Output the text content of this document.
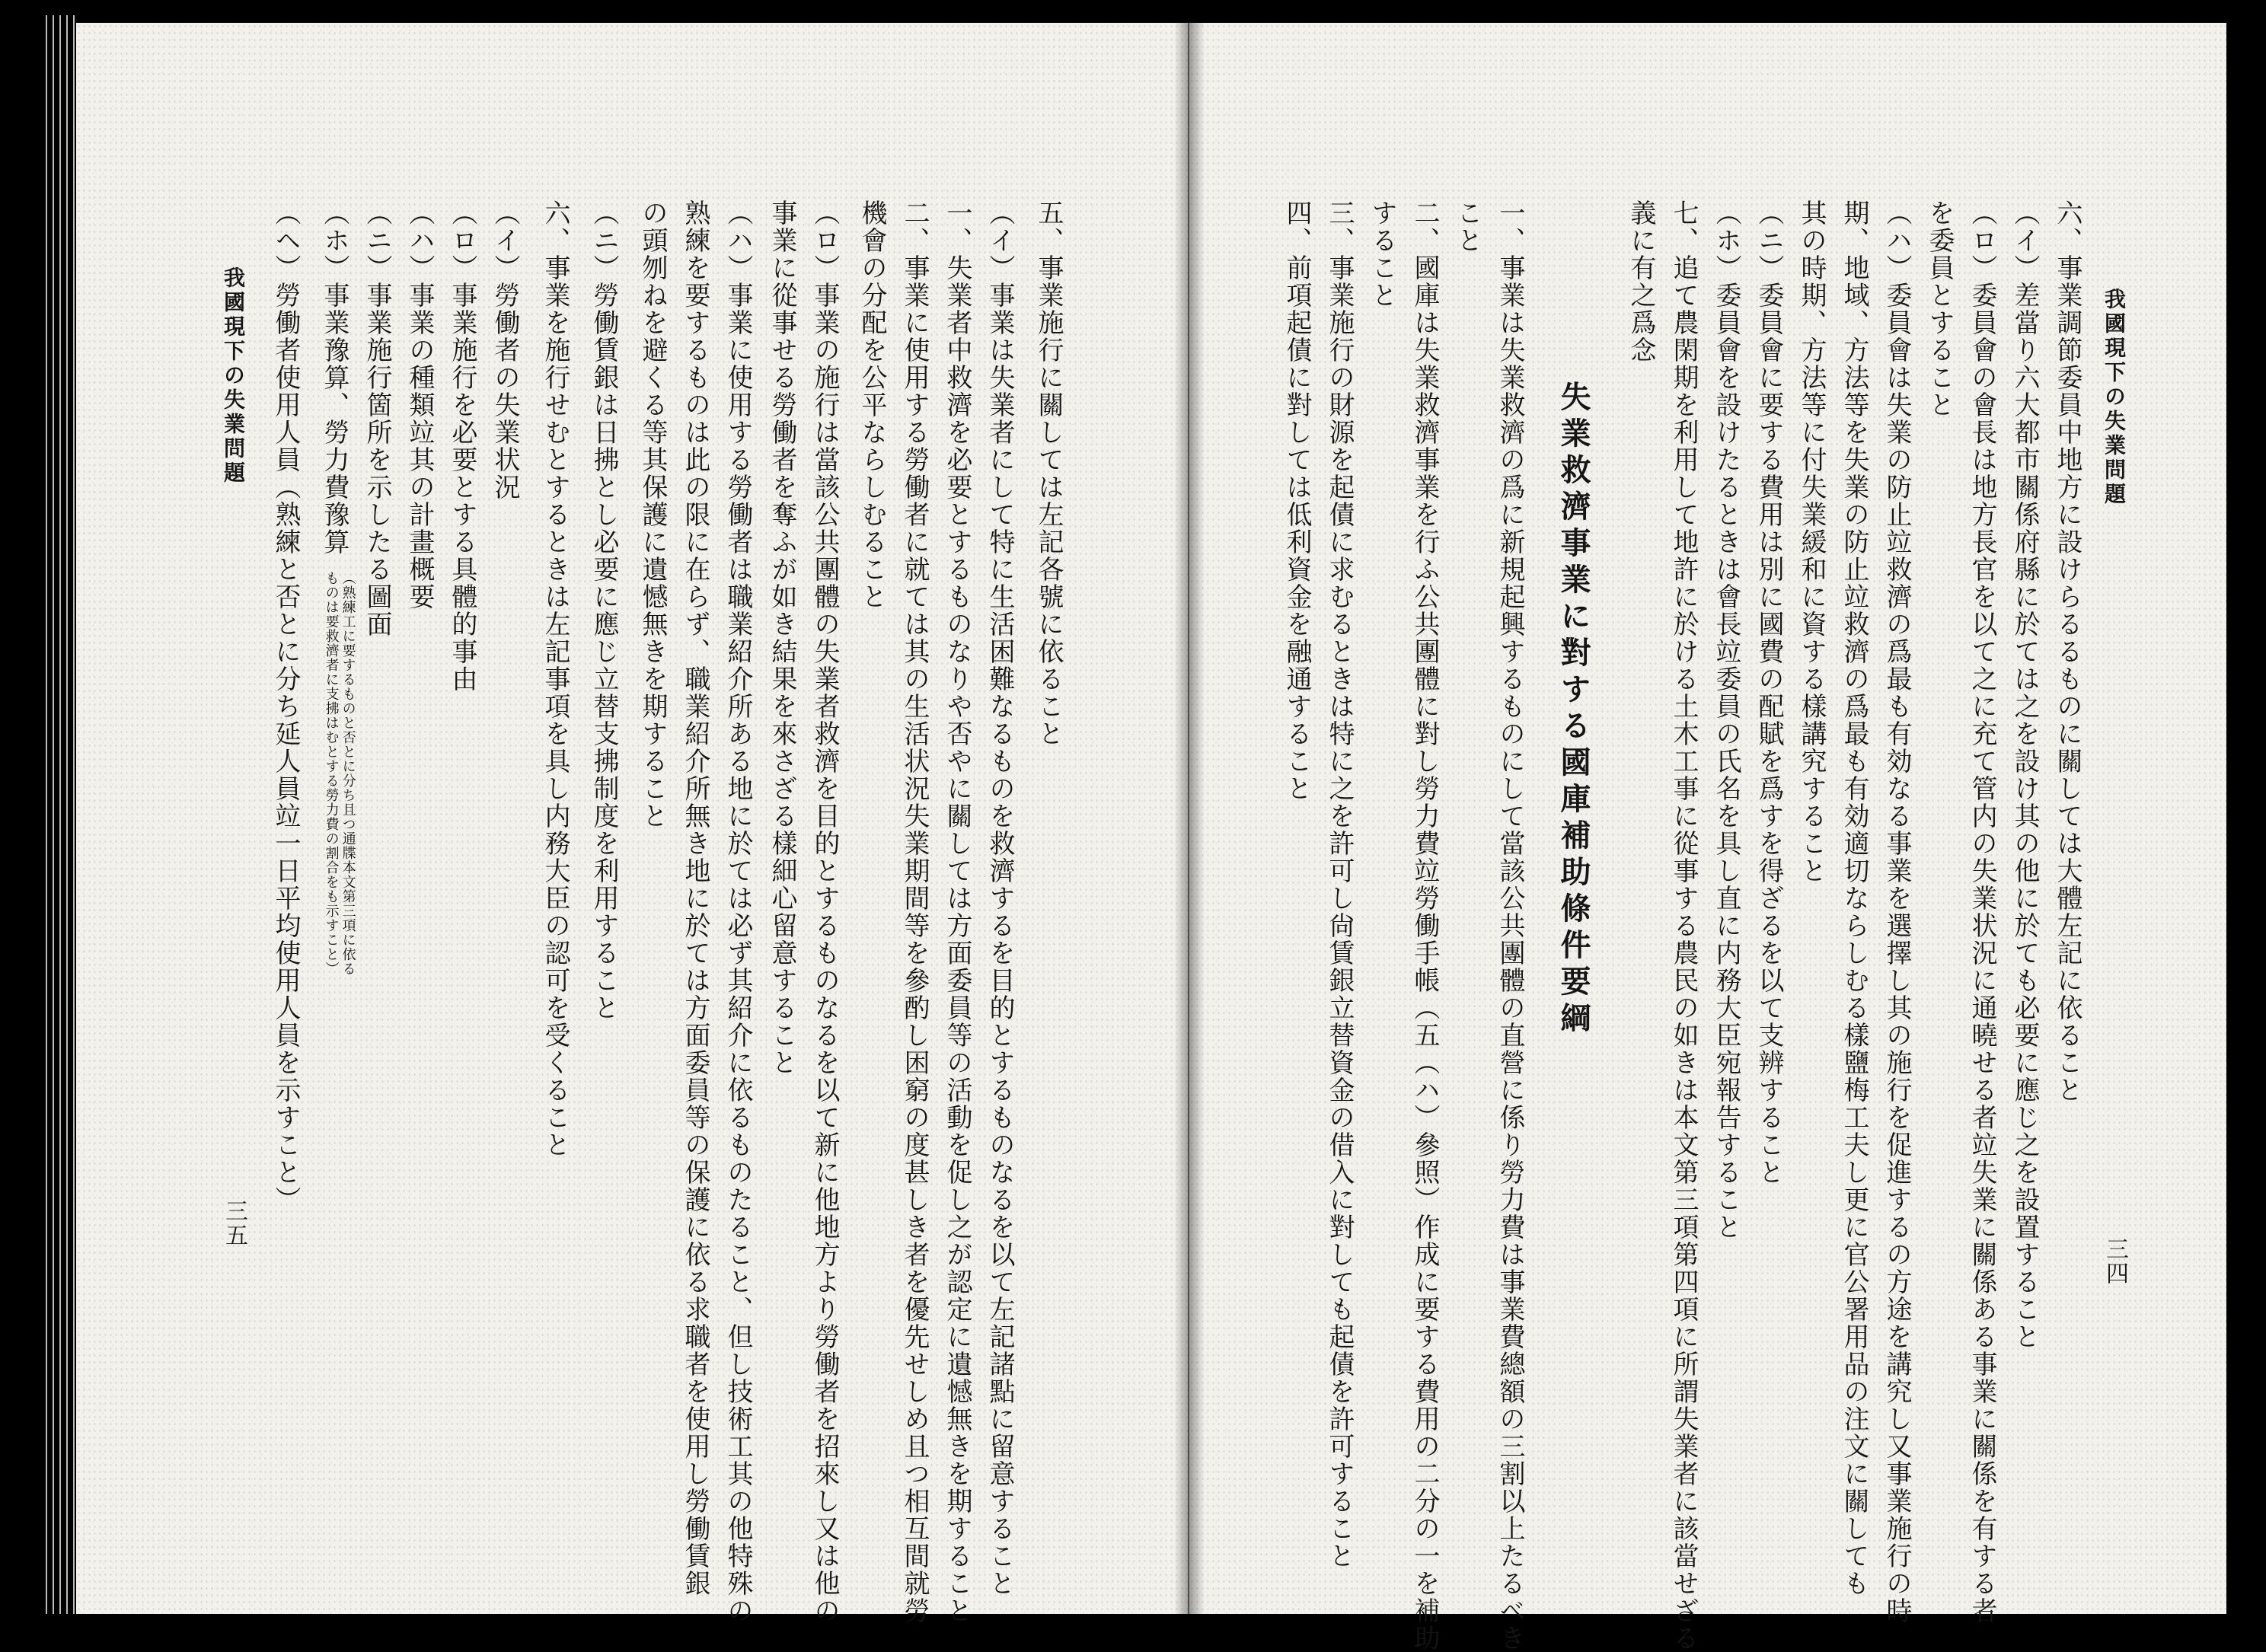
我國現下の失業問題
三四
六、事業調節委員中地方に設けらるるものに關しては大體左記に依ること
（イ）差當り六大都市關係府縣に於ては之を設け其の他に於ても必要に應じ之を設置すること
（ロ）委員會の會長は地方長官を以て之に充て管内の失業状況に通曉せる者竝失業に關係ある事業に關係を有する者
を委員とすること
（ハ）委員會は失業の防止竝救濟の爲最も有効なる事業を選擇し其の施行を促進するの方途を講究し又事業施行の時
期、地域、方法等を失業の防止竝救濟の爲最も有効適切ならしむる樣鹽梅工夫し更に官公署用品の注文に關しても
其の時期、方法等に付失業緩和に資する樣講究すること
（ニ）委員會に要する費用は別に國費の配賦を爲すを得ざるを以て支辨すること
（ホ）委員會を設けたるときは會長竝委員の氏名を具し直に内務大臣宛報告すること
七、追て農閑期を利用して地許に於ける土木工事に從事する農民の如きは本文第三項第四項に所謂失業者に該當せざる
義に有之爲念
失業救濟事業に對する國庫補助條件要綱
一、事業は失業救濟の爲に新規起興するものにして當該公共團體の直營に係り勞力費は事業費總額の三割以上たるべき
こと
二、國庫は失業救濟事業を行ふ公共團體に對し勞力費竝勞働手帳（五（ハ）參照）作成に要する費用の二分の一を補助
すること
三、事業施行の財源を起債に求むるときは特に之を許可し尙賃銀立替資金の借入に對しても起債を許可すること
四、前項起債に對しては低利資金を融通すること
五、事業施行に關しては左記各號に依ること
（イ）事業は失業者にして特に生活困難なるものを救濟するを目的とするものなるを以て左記諸點に留意すること
一、失業者中救濟を必要とするものなりや否やに關しては方面委員等の活動を促し之が認定に遺憾無きを期すること
二、事業に使用する勞働者に就ては其の生活状況失業期間等を參酌し困窮の度甚しき者を優先せしめ且つ相互間就勞
機會の分配を公平ならしむること
（ロ）事業の施行は當該公共團體の失業者救濟を目的とするものなるを以て新に他地方より勞働者を招來し又は他の
事業に從事せる勞働者を奪ふが如き結果を來さざる樣細心留意すること
（ハ）事業に使用する勞働者は職業紹介所ある地に於ては必ず其紹介に依るものたること、但し技術工其の他特殊の
熟練を要するものは此の限に在らず、職業紹介所無き地に於ては方面委員等の保護に依る求職者を使用し勞働賃銀
の頭刎ねを避くる等其保護に遺憾無きを期すること
（ニ）勞働賃銀は日拂とし必要に應じ立替支拂制度を利用すること
六、事業を施行せむとするときは左記事項を具し内務大臣の認可を受くること
（イ）勞働者の失業状況
（ロ）事業施行を必要とする具體的事由
（ハ）事業の種類竝其の計畫概要
（ニ）事業施行箇所を示したる圖面
（ホ）事業豫算、勞力費豫算
（ヘ）勞働者使用人員（熟練と否とに分ち延人員竝一日平均使用人員を示すこと）	（熟練工に要するものと否とに分ち且つ通牒本文第三項に依る
ものは要救濟者に支拂はむとする勞力費の割合をも示すこと）
我國現下の失業問題
三五
